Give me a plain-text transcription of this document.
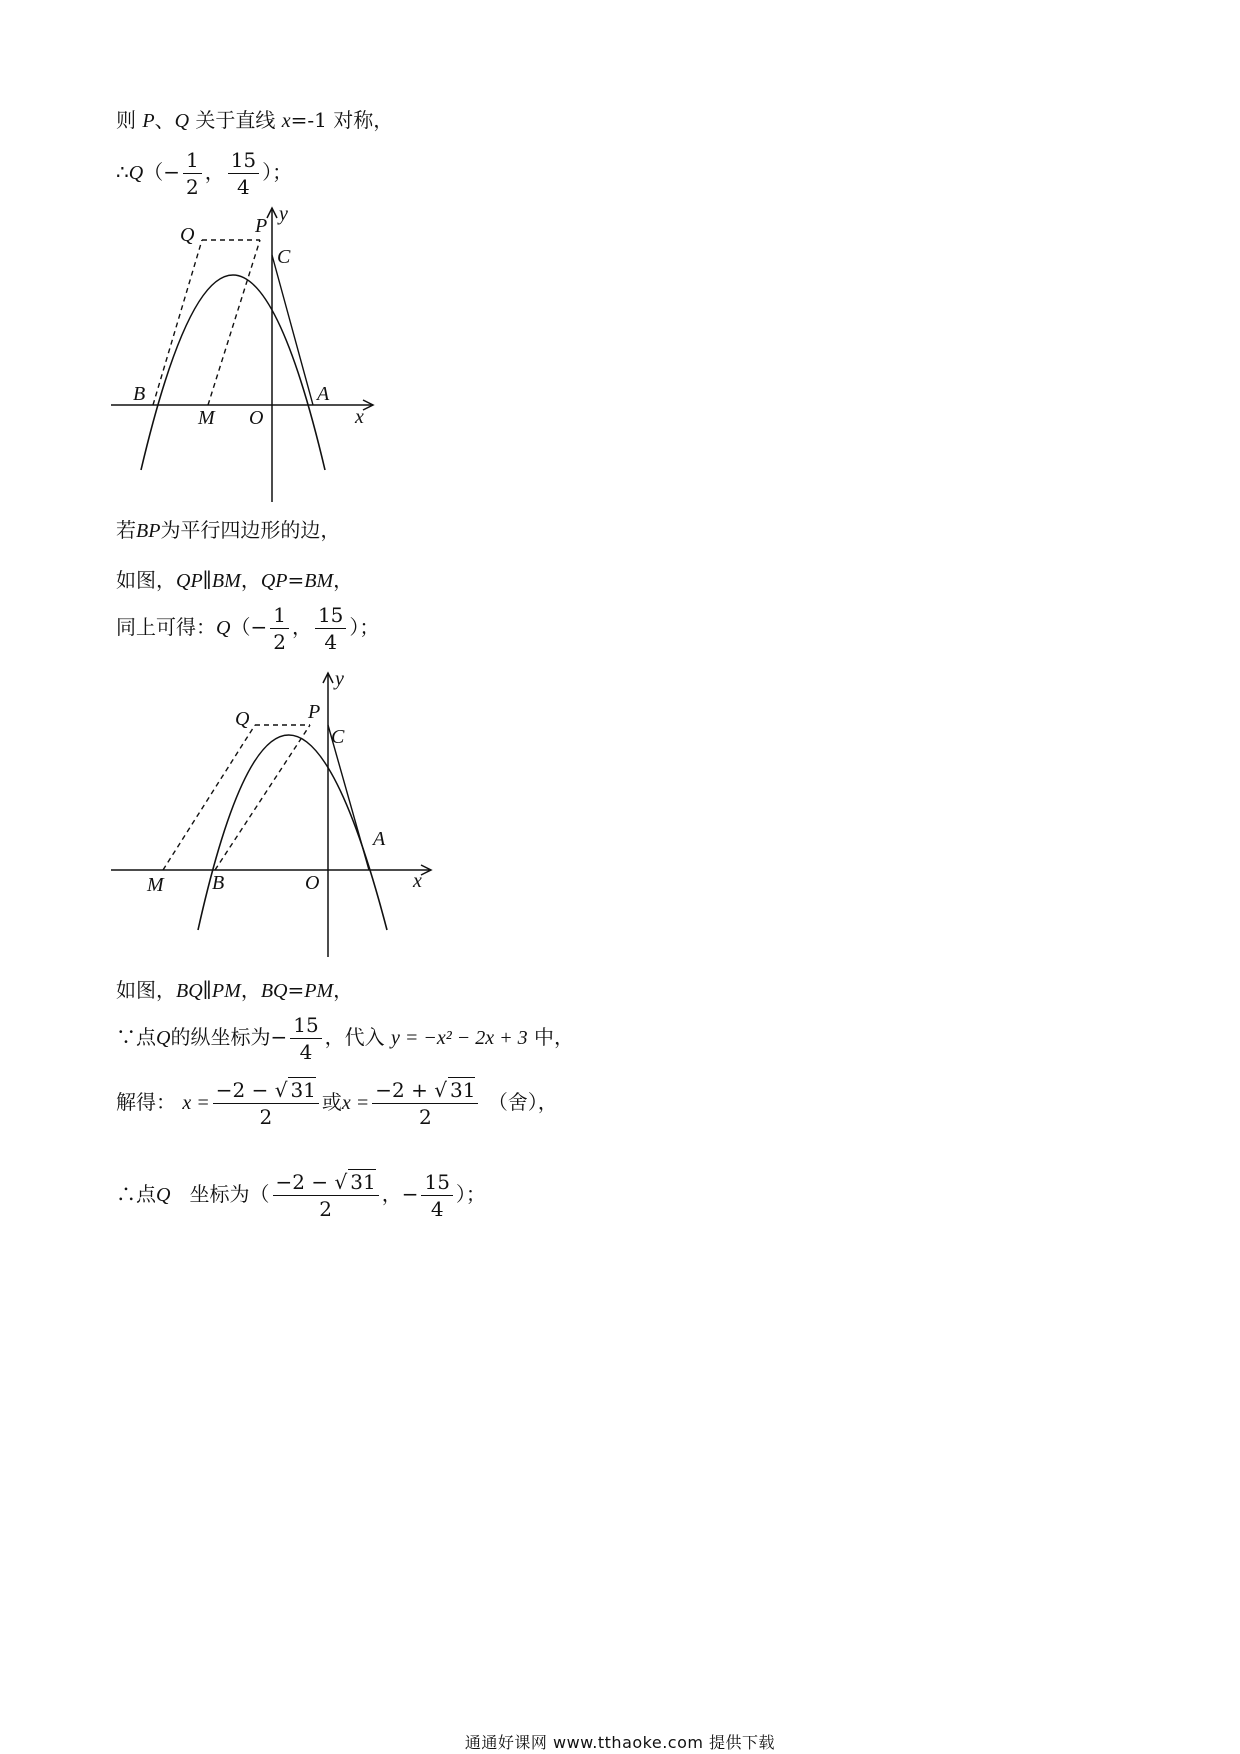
则 P、Q 关于直线 x=-1 对称，
∴Q（− $\frac{1}{2}$ ， $\frac{15}{4}$ ）；
y
x
O
P
Q
C
A
B
M
若BP为平行四边形的边，
如图，QP∥BM，QP=BM，
同上可得：$Q(- \frac{1}{2}$ ， $\frac{15}{4}$ ）；
y
x
O
P
Q
C
A
B
M
如图，BQ∥PM，BQ=PM，
∵点Q的纵坐标为− $\frac{15}{4}$ ，代入 y = −x² − 2x + 3 中，
解得： $x = \frac{-2 - √ 31}{2}$ 或$x = \frac{-2 + √ 31}{2}$ （舍），
∴点Q 坐标为（ $\frac{-2 - √ 31}{2}$ ，− $\frac{15}{4}$ ）；
通通好课网 www.tthaoke.com 提供下载
